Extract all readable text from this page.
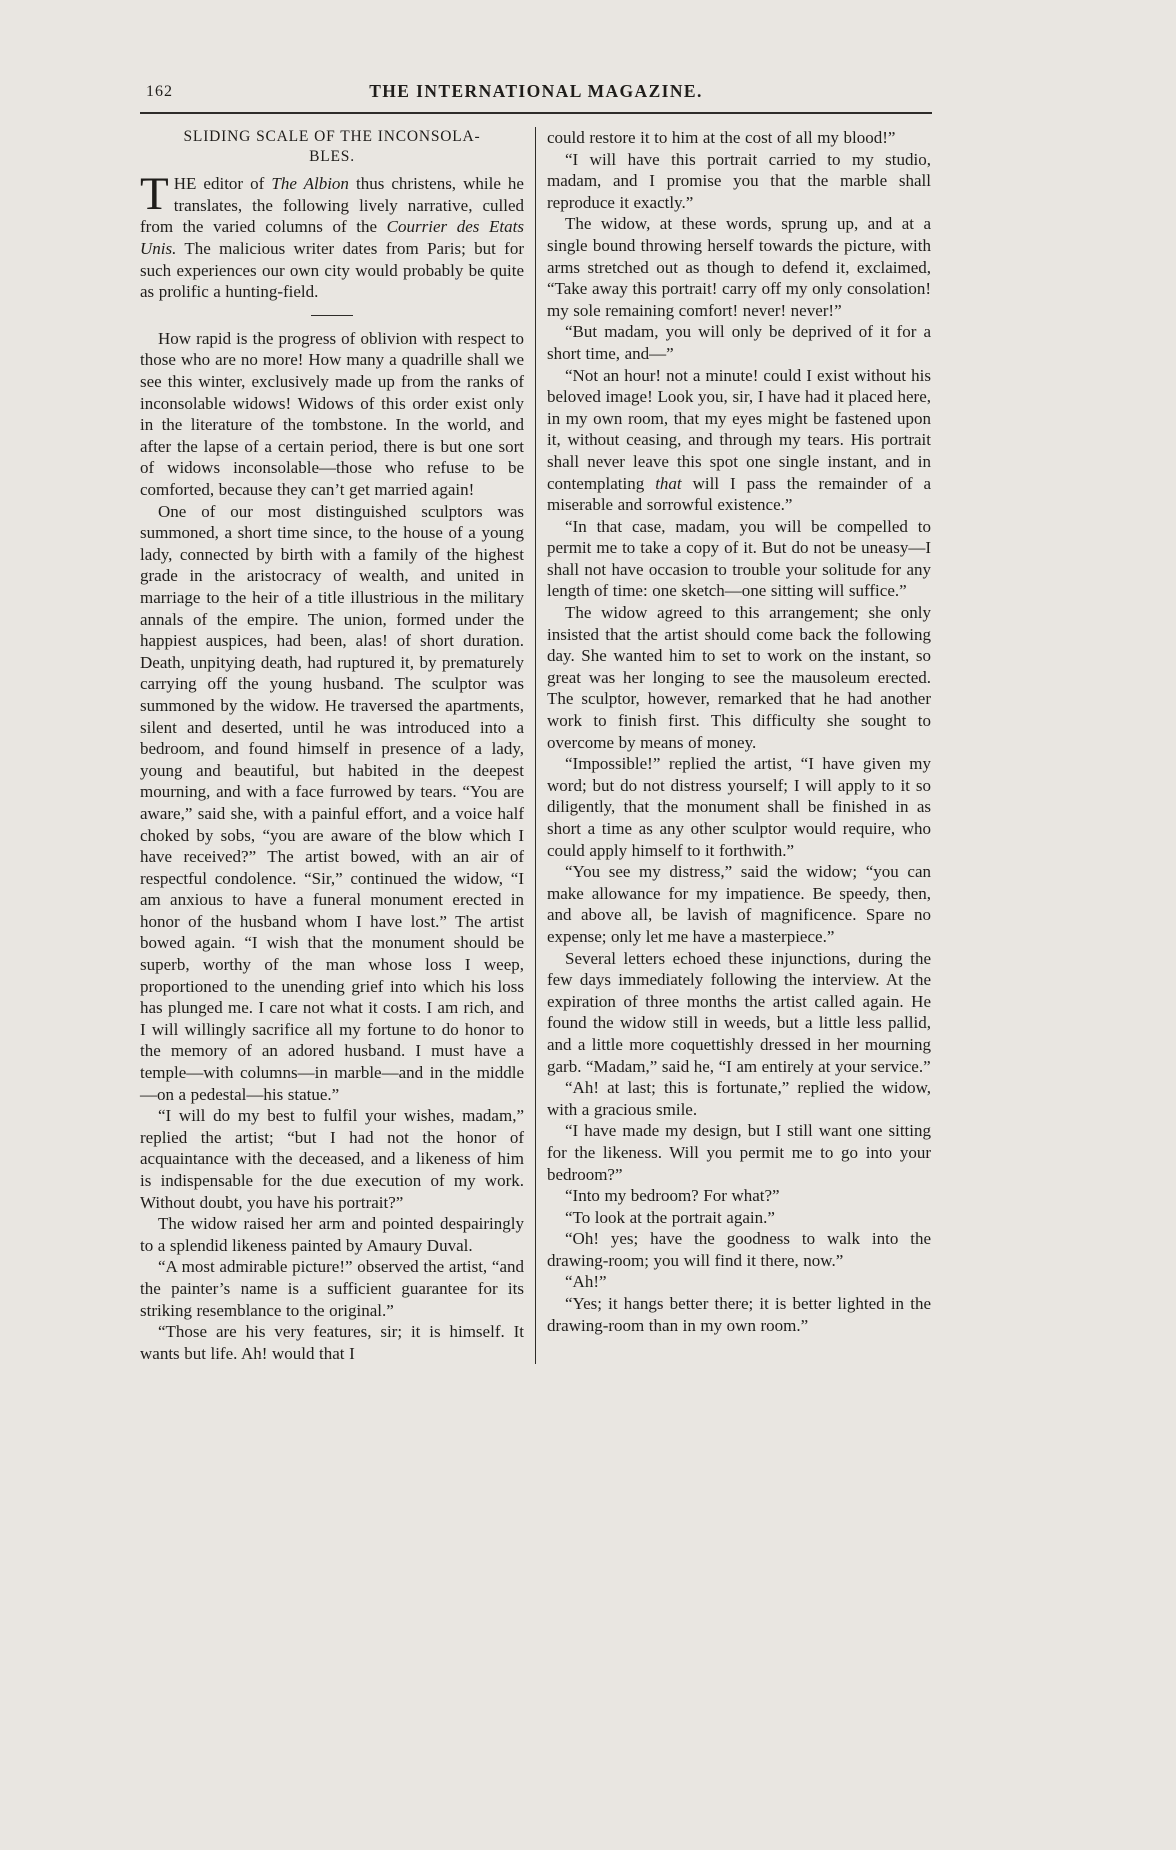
162	THE INTERNATIONAL MAGAZINE.
SLIDING SCALE OF THE INCONSOLA-
BLES.

T HE editor of The Albion thus christens, while he translates, the following lively narrative, culled from the varied columns of the Courrier des Etats Unis. The malicious writer dates from Paris; but for such experiences our own city would probably be quite as prolific a hunting-field.

How rapid is the progress of oblivion with respect to those who are no more! How many a quadrille shall we see this winter, exclusively made up from the ranks of inconsolable widows! Widows of this order exist only in the literature of the tombstone. In the world, and after the lapse of a certain period, there is but one sort of widows inconsolable—those who refuse to be comforted, because they can’t get married again!

One of our most distinguished sculptors was summoned, a short time since, to the house of a young lady, connected by birth with a family of the highest grade in the aristocracy of wealth, and united in marriage to the heir of a title illustrious in the military annals of the empire. The union, formed under the happiest auspices, had been, alas! of short duration. Death, unpitying death, had ruptured it, by prematurely carrying off the young husband. The sculptor was summoned by the widow. He traversed the apartments, silent and deserted, until he was introduced into a bedroom, and found himself in presence of a lady, young and beautiful, but habited in the deepest mourning, and with a face furrowed by tears. “You are aware,” said she, with a painful effort, and a voice half choked by sobs, “you are aware of the blow which I have received?” The artist bowed, with an air of respectful condolence. “Sir,” continued the widow, “I am anxious to have a funeral monument erected in honor of the husband whom I have lost.” The artist bowed again. “I wish that the monument should be superb, worthy of the man whose loss I weep, proportioned to the unending grief into which his loss has plunged me. I care not what it costs. I am rich, and I will willingly sacrifice all my fortune to do honor to the memory of an adored husband. I must have a temple—with columns—in marble—and in the middle—on a pedestal—his statue.”

“I will do my best to fulfil your wishes, madam,” replied the artist; “but I had not the honor of acquaintance with the deceased, and a likeness of him is indispensable for the due execution of my work. Without doubt, you have his portrait?”

The widow raised her arm and pointed despairingly to a splendid likeness painted by Amaury Duval.

“A most admirable picture!” observed the artist, “and the painter’s name is a sufficient guarantee for its striking resemblance to the original.”

“Those are his very features, sir; it is himself. It wants but life. Ah! would that I

could restore it to him at the cost of all my blood!”

“I will have this portrait carried to my studio, madam, and I promise you that the marble shall reproduce it exactly.”

The widow, at these words, sprung up, and at a single bound throwing herself towards the picture, with arms stretched out as though to defend it, exclaimed, “Take away this portrait! carry off my only consolation! my sole remaining comfort! never! never!”

“But madam, you will only be deprived of it for a short time, and—”

“Not an hour! not a minute! could I exist without his beloved image! Look you, sir, I have had it placed here, in my own room, that my eyes might be fastened upon it, without ceasing, and through my tears. His portrait shall never leave this spot one single instant, and in contemplating that will I pass the remainder of a miserable and sorrowful existence.”

“In that case, madam, you will be compelled to permit me to take a copy of it. But do not be uneasy—I shall not have occasion to trouble your solitude for any length of time: one sketch—one sitting will suffice.”

The widow agreed to this arrangement; she only insisted that the artist should come back the following day. She wanted him to set to work on the instant, so great was her longing to see the mausoleum erected. The sculptor, however, remarked that he had another work to finish first. This difficulty she sought to overcome by means of money.

“Impossible!” replied the artist, “I have given my word; but do not distress yourself; I will apply to it so diligently, that the monument shall be finished in as short a time as any other sculptor would require, who could apply himself to it forthwith.”

“You see my distress,” said the widow; “you can make allowance for my impatience. Be speedy, then, and above all, be lavish of magnificence. Spare no expense; only let me have a masterpiece.”

Several letters echoed these injunctions, during the few days immediately following the interview. At the expiration of three months the artist called again. He found the widow still in weeds, but a little less pallid, and a little more coquettishly dressed in her mourning garb. “Madam,” said he, “I am entirely at your service.”

“Ah! at last; this is fortunate,” replied the widow, with a gracious smile.

“I have made my design, but I still want one sitting for the likeness. Will you permit me to go into your bedroom?”

“Into my bedroom? For what?”

“To look at the portrait again.”

“Oh! yes; have the goodness to walk into the drawing-room; you will find it there, now.”

“Ah!”

“Yes; it hangs better there; it is better lighted in the drawing-room than in my own room.”
